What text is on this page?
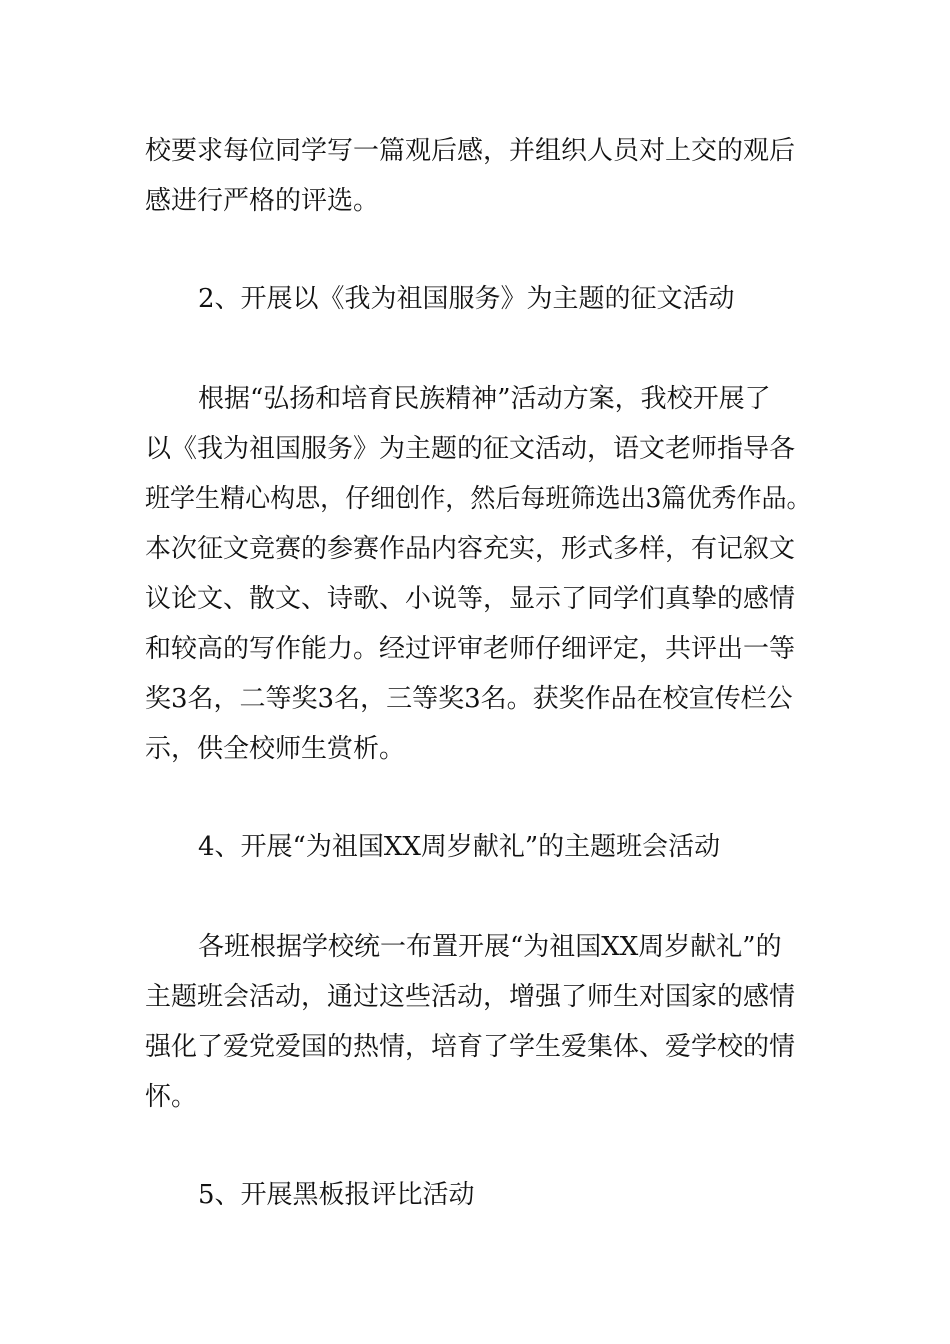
校要求每位同学写一篇观后感，并组织人员对上交的观后
感进行严格的评选。
2、开展以《我为祖国服务》为主题的征文活动
根据“弘扬和培育民族精神”活动方案，我校开展了
以《我为祖国服务》为主题的征文活动，语文老师指导各
班学生精心构思，仔细创作，然后每班筛选出3篇优秀作品。
本次征文竞赛的参赛作品内容充实，形式多样，有记叙文
议论文、散文、诗歌、小说等，显示了同学们真挚的感情
和较高的写作能力。经过评审老师仔细评定，共评出一等
奖3名，二等奖3名，三等奖3名。获奖作品在校宣传栏公
示，供全校师生赏析。
4、开展“为祖国XX周岁献礼”的主题班会活动
各班根据学校统一布置开展“为祖国XX周岁献礼”的
主题班会活动，通过这些活动，增强了师生对国家的感情
强化了爱党爱国的热情，培育了学生爱集体、爱学校的情
怀。
5、开展黑板报评比活动
